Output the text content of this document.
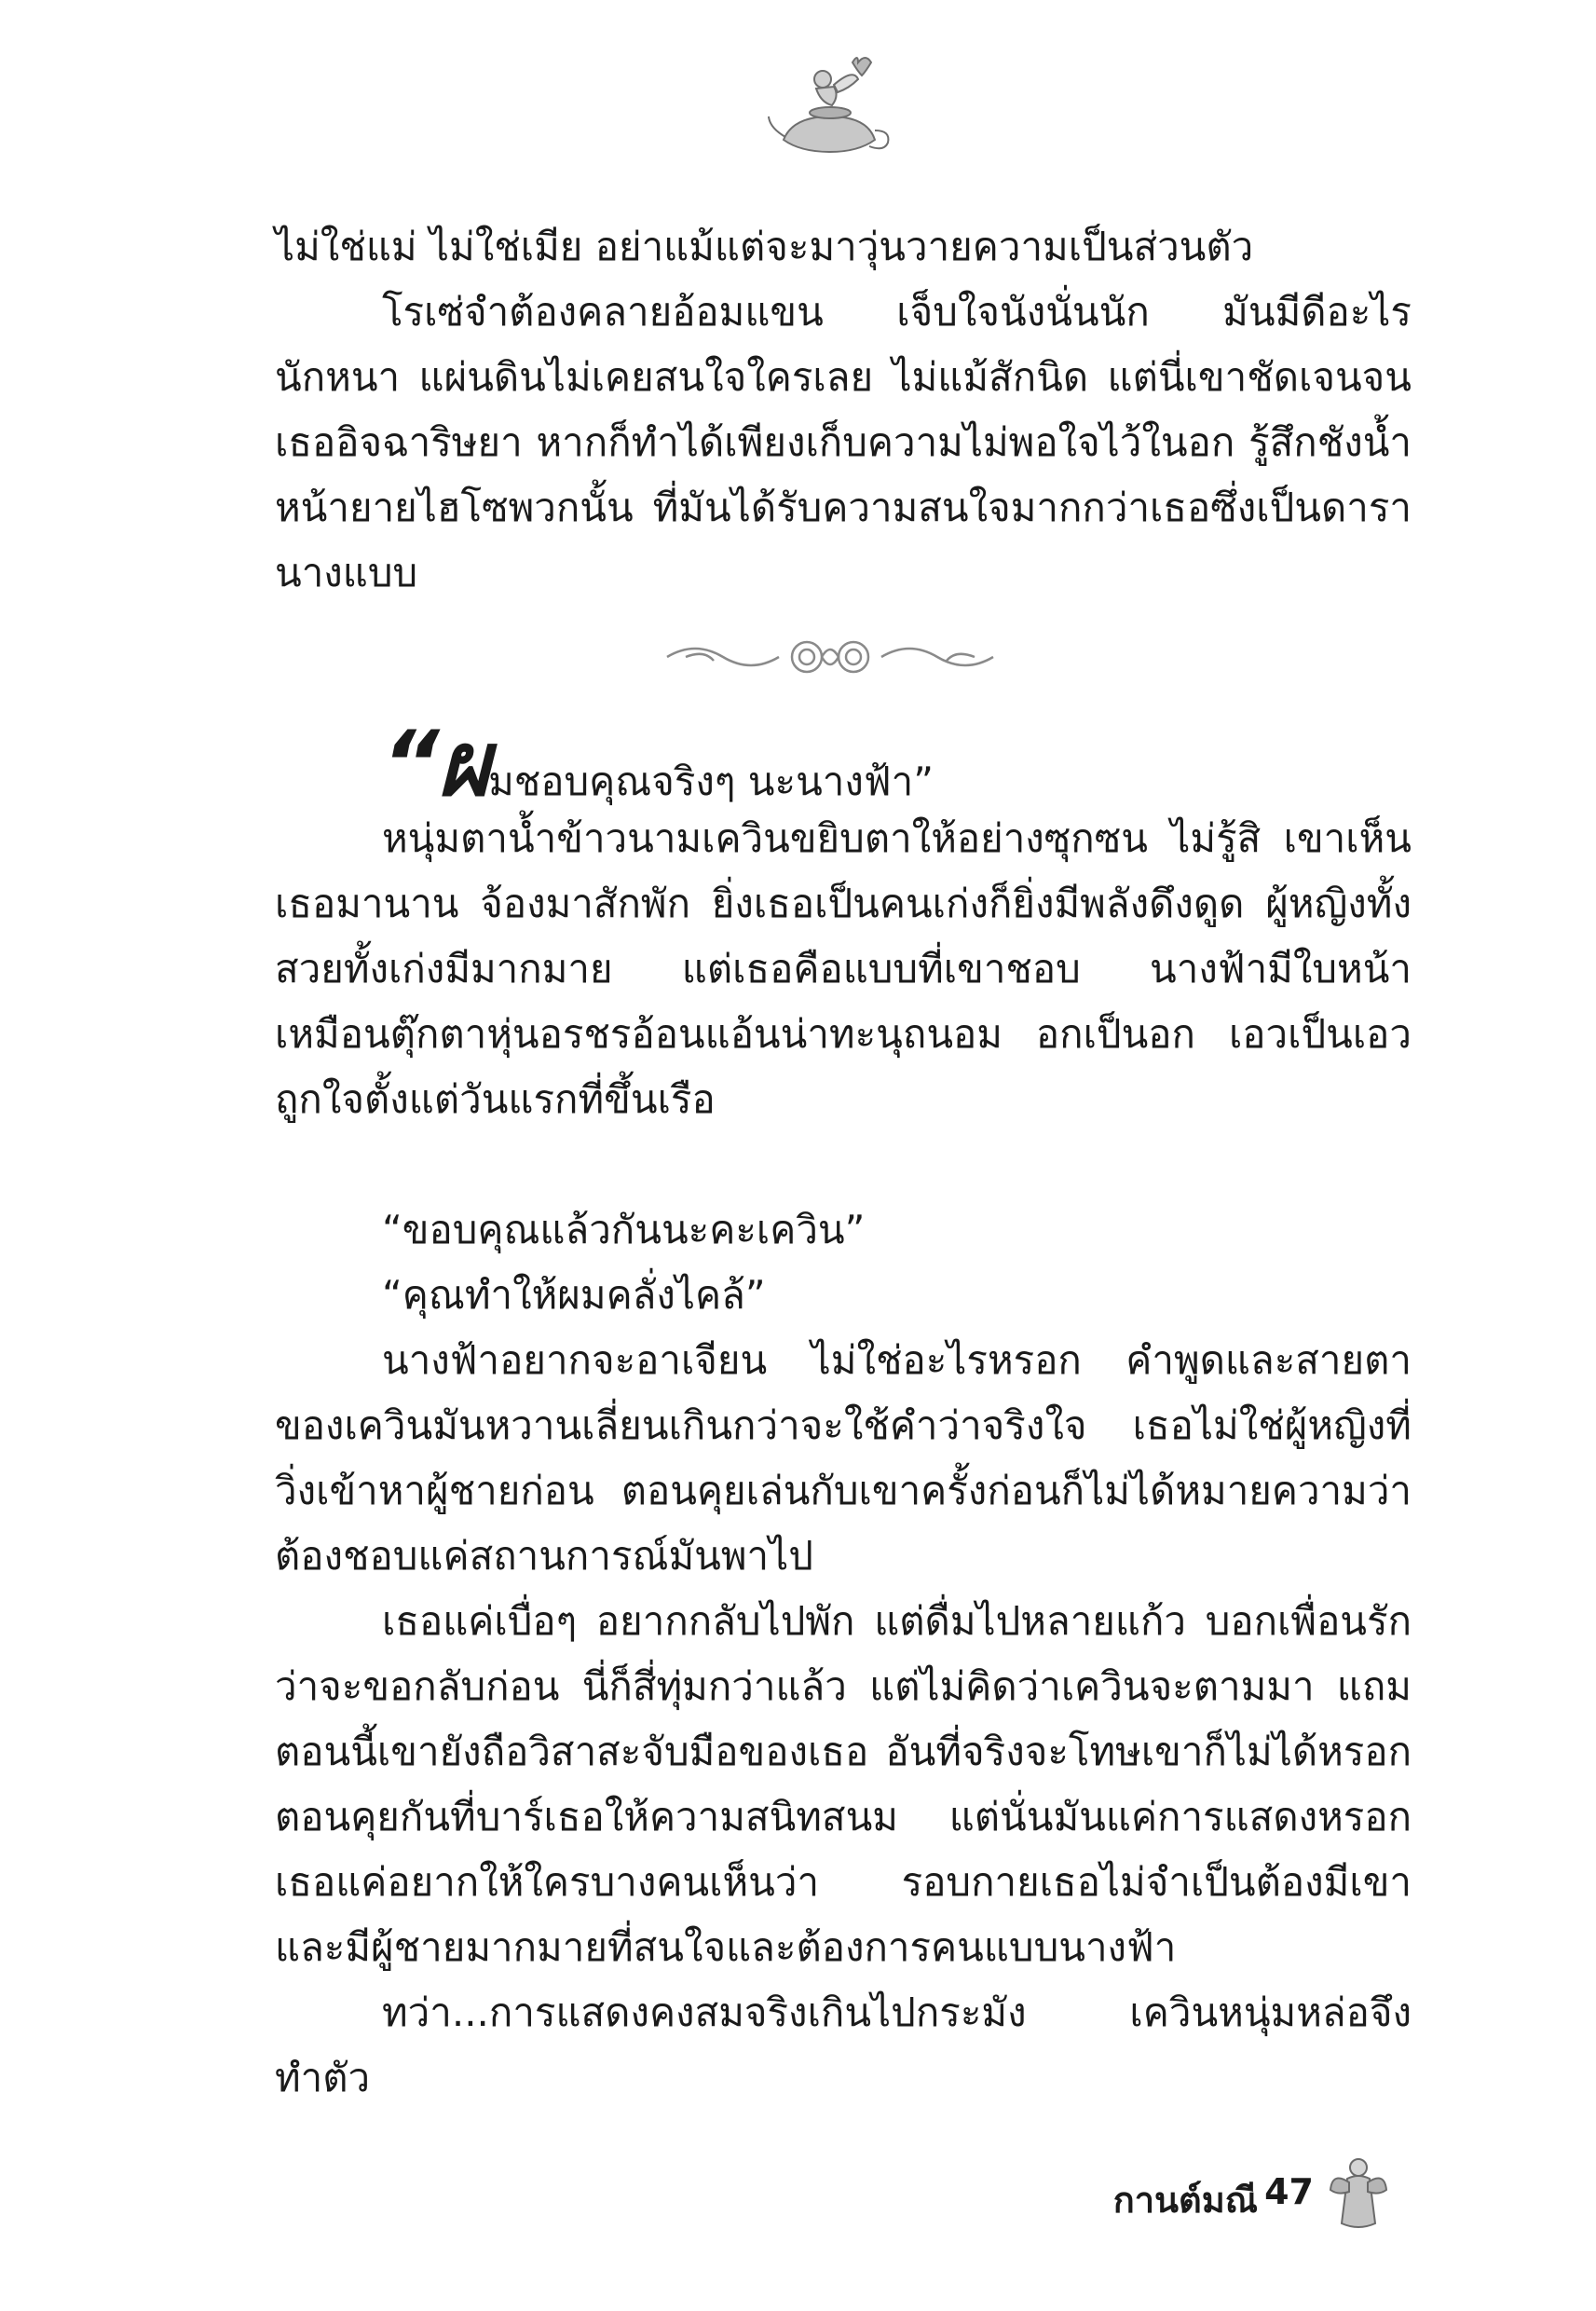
ไม่ใช่แม่ ไม่ใช่เมีย อย่าแม้แต่จะมาวุ่นวายความเป็นส่วนตัว

โรเซ่จำต้องคลายอ้อมแขน เจ็บใจนังนั่นนัก มันมีดีอะไรนักหนา แผ่นดินไม่เคยสนใจใครเลย ไม่แม้สักนิด แต่นี่เขาชัดเจนจนเธออิจฉาริษยา หากก็ทำได้เพียงเก็บความไม่พอใจไว้ในอก รู้สึกชังน้ำหน้ายายไฮโซพวกนั้น ที่มันได้รับความสนใจมากกว่าเธอซึ่งเป็นดารานางแบบ

“ผมชอบคุณจริงๆ นะนางฟ้า”

หนุ่มตาน้ำข้าวนามเควินขยิบตาให้อย่างซุกซน ไม่รู้สิ เขาเห็นเธอมานาน จ้องมาสักพัก ยิ่งเธอเป็นคนเก่งก็ยิ่งมีพลังดึงดูด ผู้หญิงทั้งสวยทั้งเก่งมีมากมาย แต่เธอคือแบบที่เขาชอบ นางฟ้ามีใบหน้าเหมือนตุ๊กตาหุ่นอรชรอ้อนแอ้นน่าทะนุถนอม อกเป็นอก เอวเป็นเอว ถูกใจตั้งแต่วันแรกที่ขึ้นเรือ

“ขอบคุณแล้วกันนะคะเควิน”

“คุณทำให้ผมคลั่งไคล้”

นางฟ้าอยากจะอาเจียน ไม่ใช่อะไรหรอก คำพูดและสายตาของเควินมันหวานเลี่ยนเกินกว่าจะใช้คำว่าจริงใจ เธอไม่ใช่ผู้หญิงที่วิ่งเข้าหาผู้ชายก่อน ตอนคุยเล่นกับเขาครั้งก่อนก็ไม่ได้หมายความว่าต้องชอบแค่สถานการณ์มันพาไป

เธอแค่เบื่อๆ อยากกลับไปพัก แต่ดื่มไปหลายแก้ว บอกเพื่อนรักว่าจะขอกลับก่อน นี่ก็สี่ทุ่มกว่าแล้ว แต่ไม่คิดว่าเควินจะตามมา แถมตอนนี้เขายังถือวิสาสะจับมือของเธอ อันที่จริงจะโทษเขาก็ไม่ได้หรอกตอนคุยกันที่บาร์เธอให้ความสนิทสนม แต่นั่นมันแค่การแสดงหรอกเธอแค่อยากให้ใครบางคนเห็นว่า รอบกายเธอไม่จำเป็นต้องมีเขา และมีผู้ชายมากมายที่สนใจและต้องการคนแบบนางฟ้า

ทว่า...การแสดงคงสมจริงเกินไปกระมัง เควินหนุ่มหล่อจึงทำตัว

กานต์มณี 47
